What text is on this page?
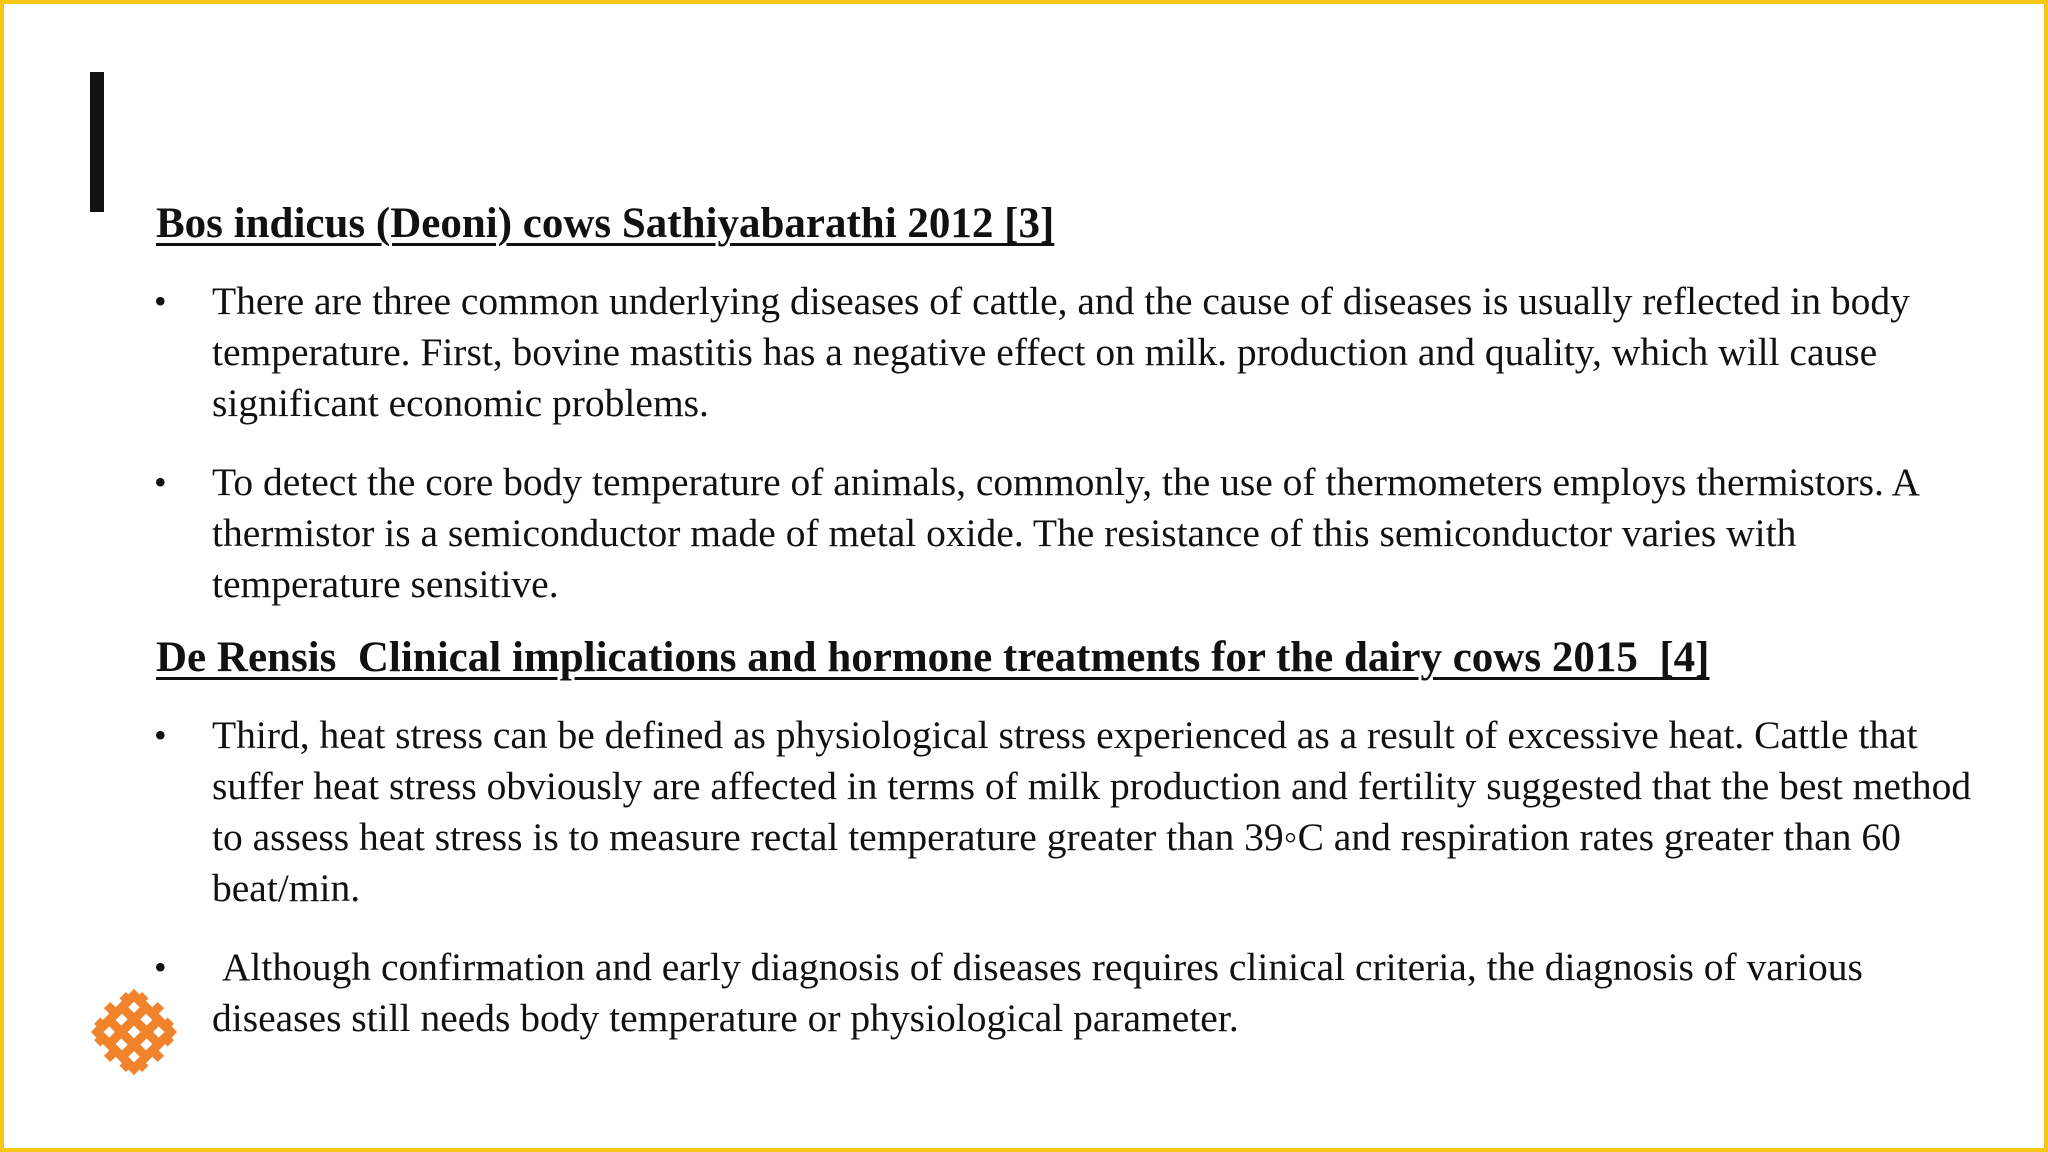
Bos indicus (Deoni) cows Sathiyabarathi 2012 [3]
•	There are three common underlying diseases of cattle, and the cause of diseases is usually reflected in body temperature. First, bovine mastitis has a negative effect on milk. production and quality, which will cause significant economic problems.
•	To detect the core body temperature of animals, commonly, the use of thermometers employs thermistors. A thermistor is a semiconductor made of metal oxide. The resistance of this semiconductor varies with temperature sensitive.
De Rensis  Clinical implications and hormone treatments for the dairy cows 2015  [4]
•	Third, heat stress can be defined as physiological stress experienced as a result of excessive heat. Cattle that suffer heat stress obviously are affected in terms of milk production and fertility suggested that the best method to assess heat stress is to measure rectal temperature greater than 39◦C and respiration rates greater than 60 beat/min.
•	Although confirmation and early diagnosis of diseases requires clinical criteria, the diagnosis of various diseases still needs body temperature or physiological parameter.
